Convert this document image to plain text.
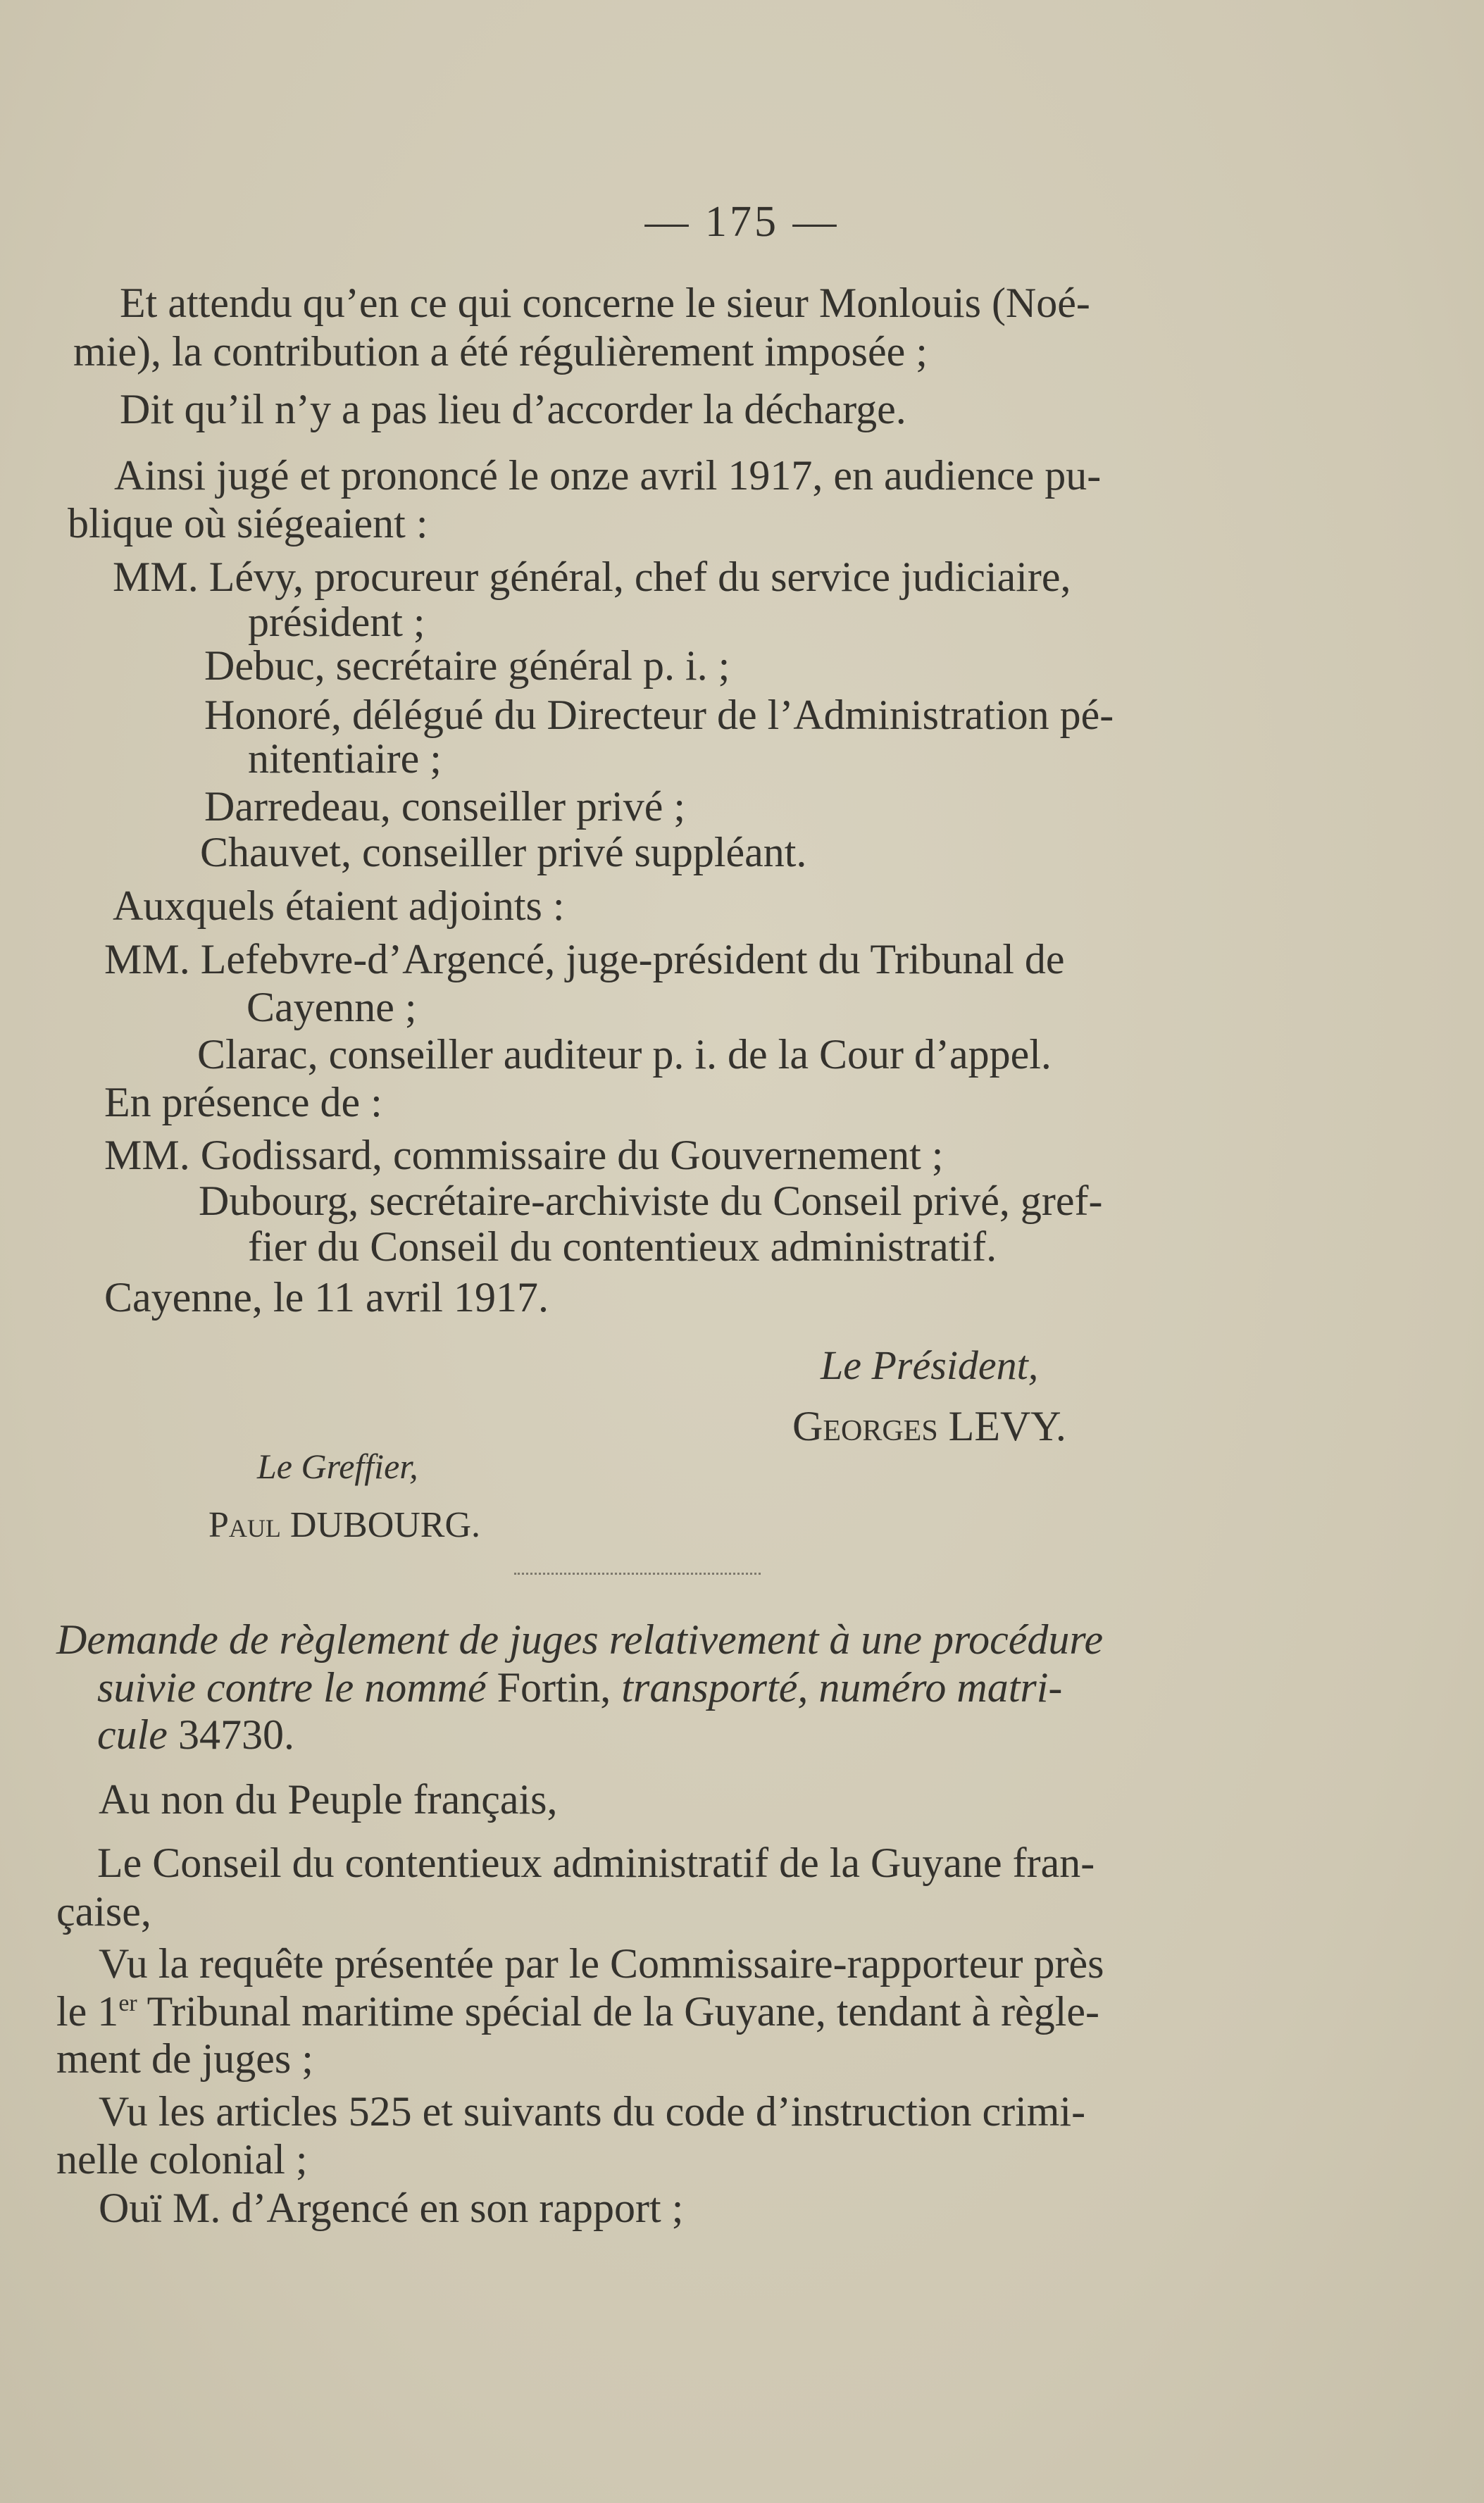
— 175 —
Et attendu qu’en ce qui concerne le sieur Monlouis (Noé-
mie), la contribution a été régulièrement imposée ;
Dit qu’il n’y a pas lieu d’accorder la décharge.
Ainsi jugé et prononcé le onze avril 1917, en audience pu-
blique où siégeaient :
MM. Lévy, procureur général, chef du service judiciaire,
président ;
Debuc, secrétaire général p. i. ;
Honoré, délégué du Directeur de l’Administration pé-
nitentiaire ;
Darredeau, conseiller privé ;
Chauvet, conseiller privé suppléant.
Auxquels étaient adjoints :
MM. Lefebvre-d’Argencé, juge-président du Tribunal de
Cayenne ;
Clarac, conseiller auditeur p. i. de la Cour d’appel.
En présence de :
MM. Godissard, commissaire du Gouvernement ;
Dubourg, secrétaire-archiviste du Conseil privé, gref-
fier du Conseil du contentieux administratif.
Cayenne, le 11 avril 1917.
Le Président,
Georges LEVY.
Le Greffier,
Paul DUBOURG.
Demande de règlement de juges relativement à une procédure
suivie contre le nommé Fortin, transporté, numéro matri-
cule 34730.
Au non du Peuple français,
Le Conseil du contentieux administratif de la Guyane fran-
çaise,
Vu la requête présentée par le Commissaire-rapporteur près
le 1er Tribunal maritime spécial de la Guyane, tendant à règle-
ment de juges ;
Vu les articles 525 et suivants du code d’instruction crimi-
nelle colonial ;
Ouï M. d’Argencé en son rapport ;
